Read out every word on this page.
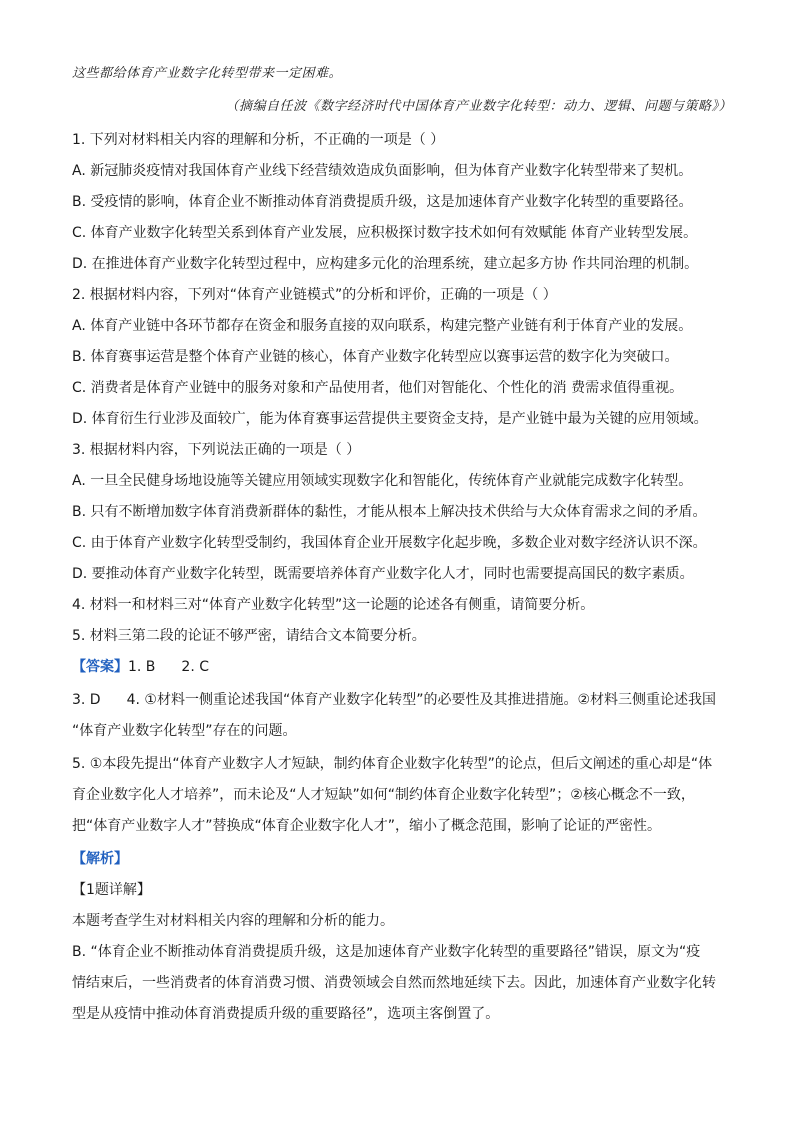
这些都给体育产业数字化转型带来一定困难。
（摘编自任波《数字经济时代中国体育产业数字化转型：动力、逻辑、问题与策略》）
1. 下列对材料相关内容的理解和分析，不正确的一项是（ ）
A. 新冠肺炎疫情对我国体育产业线下经营绩效造成负面影响，但为体育产业数字化转型带来了契机。
B. 受疫情的影响，体育企业不断推动体育消费提质升级，这是加速体育产业数字化转型的重要路径。
C. 体育产业数字化转型关系到体育产业发展，应积极探讨数字技术如何有效赋能 体育产业转型发展。
D. 在推进体育产业数字化转型过程中，应构建多元化的治理系统，建立起多方协 作共同治理的机制。
2. 根据材料内容，下列对“体育产业链模式”的分析和评价，正确的一项是（ ）
A. 体育产业链中各环节都存在资金和服务直接的双向联系，构建完整产业链有利于体育产业的发展。
B. 体育赛事运营是整个体育产业链的核心，体育产业数字化转型应以赛事运营的数字化为突破口。
C. 消费者是体育产业链中的服务对象和产品使用者，他们对智能化、个性化的消 费需求值得重视。
D. 体育衍生行业涉及面较广，能为体育赛事运营提供主要资金支持，是产业链中最为关键的应用领域。
3. 根据材料内容，下列说法正确的一项是（ ）
A. 一旦全民健身场地设施等关键应用领域实现数字化和智能化，传统体育产业就能完成数字化转型。
B. 只有不断增加数字体育消费新群体的黏性，才能从根本上解决技术供给与大众体育需求之间的矛盾。
C. 由于体育产业数字化转型受制约，我国体育企业开展数字化起步晚，多数企业对数字经济认识不深。
D. 要推动体育产业数字化转型，既需要培养体育产业数字化人才，同时也需要提高国民的数字素质。
4. 材料一和材料三对“体育产业数字化转型”这一论题的论述各有侧重，请简要分析。
5. 材料三第二段的论证不够严密，请结合文本简要分析。
【答案】1. B 2. C
3. D 4. ①材料一侧重论述我国“体育产业数字化转型”的必要性及其推进措施。②材料三侧重论述我国
“体育产业数字化转型”存在的问题。
5. ①本段先提出“体育产业数字人才短缺，制约体育企业数字化转型”的论点，但后文阐述的重心却是“体
育企业数字化人才培养”，而未论及“人才短缺”如何“制约体育企业数字化转型”；②核心概念不一致，
把“体育产业数字人才”替换成“体育企业数字化人才”，缩小了概念范围，影响了论证的严密性。
【解析】
【1题详解】
本题考查学生对材料相关内容的理解和分析的能力。
B. “体育企业不断推动体育消费提质升级，这是加速体育产业数字化转型的重要路径”错误，原文为“疫
情结束后，一些消费者的体育消费习惯、消费领域会自然而然地延续下去。因此，加速体育产业数字化转
型是从疫情中推动体育消费提质升级的重要路径”，选项主客倒置了。
